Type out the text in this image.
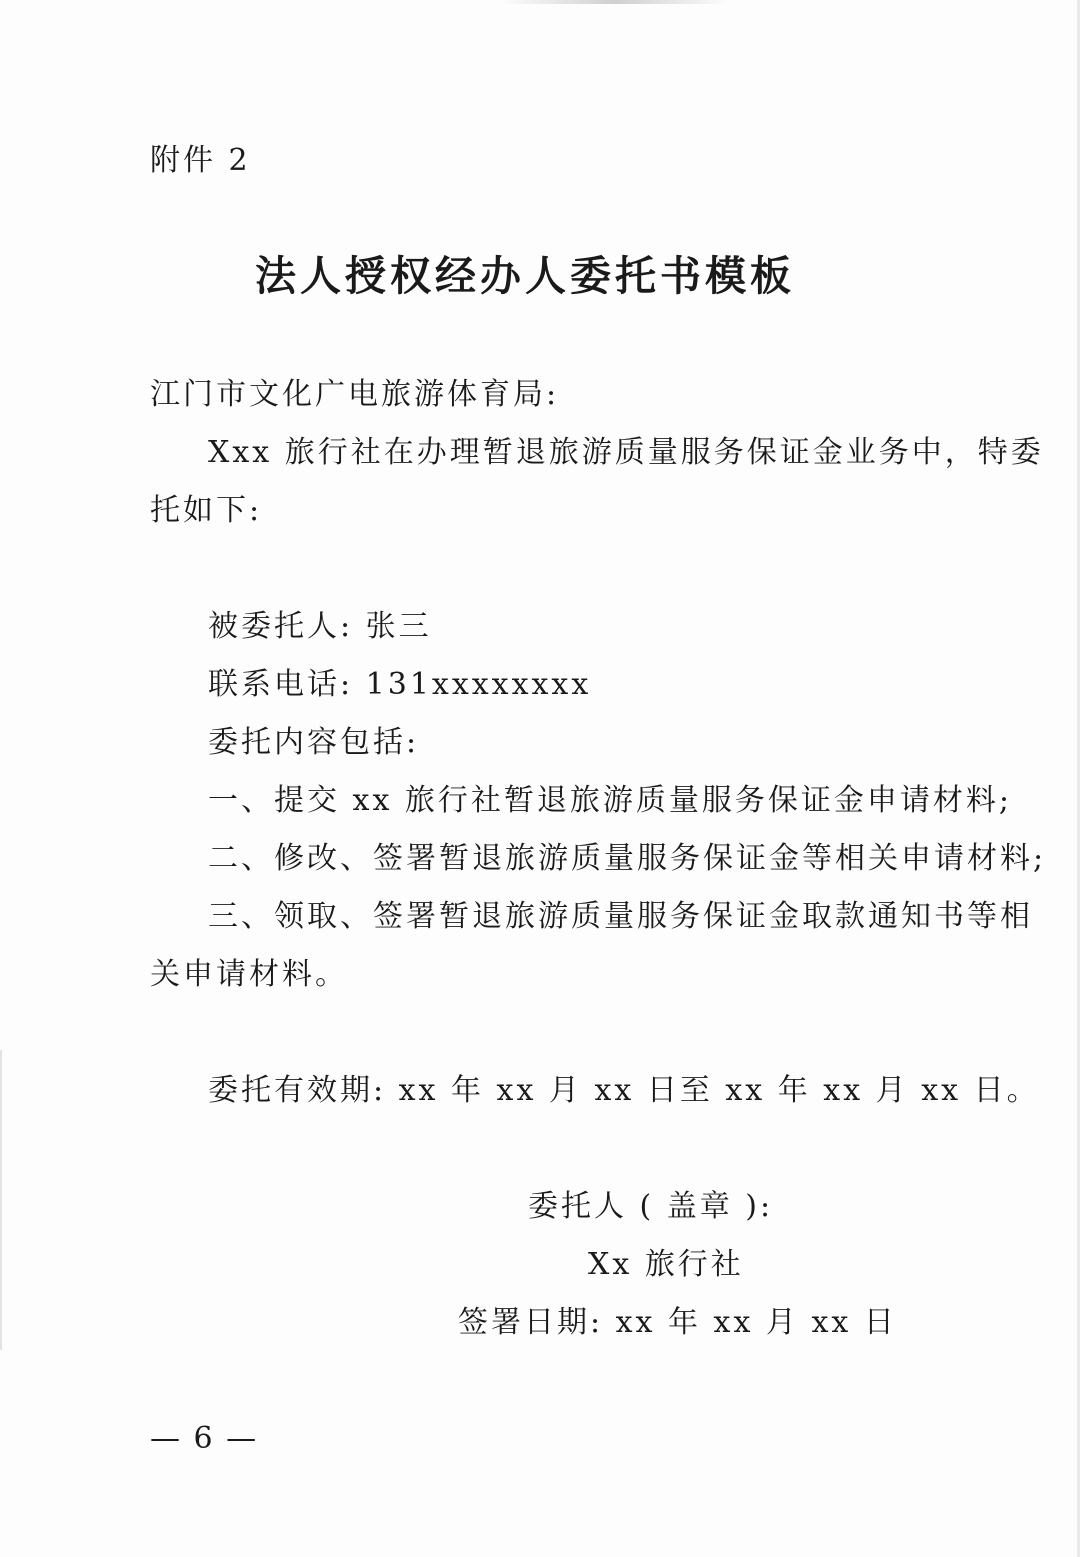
附件 2
法人授权经办人委托书模板
江门市文化广电旅游体育局:
Xxx 旅行社在办理暂退旅游质量服务保证金业务中，特委
托如下:
被委托人: 张三
联系电话: 131xxxxxxxx
委托内容包括:
一、提交 xx 旅行社暂退旅游质量服务保证金申请材料;
二、修改、签署暂退旅游质量服务保证金等相关申请材料;
三、领取、签署暂退旅游质量服务保证金取款通知书等相
关申请材料。
委托有效期: xx 年 xx 月 xx 日至 xx 年 xx 月 xx 日。
委托人 ( 盖章 ):
Xx 旅行社
签署日期: xx 年 xx 月 xx 日
— 6 —
